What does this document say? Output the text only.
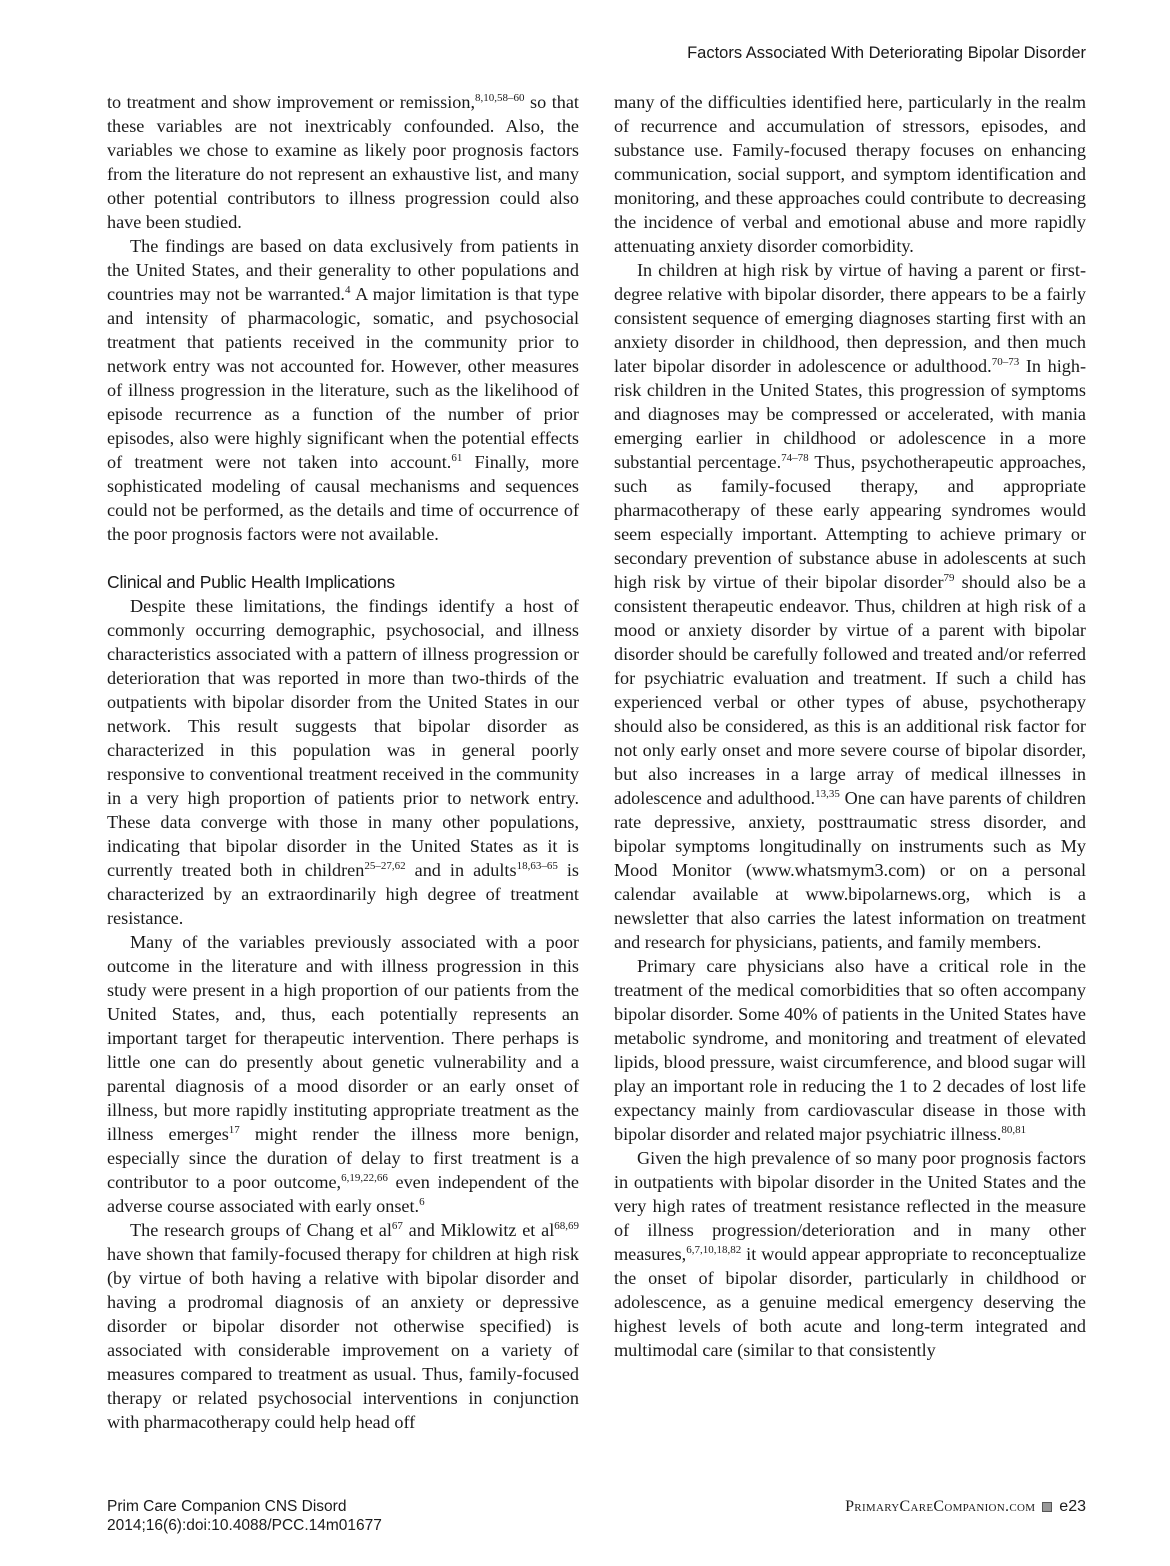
Factors Associated With Deteriorating Bipolar Disorder

to treatment and show improvement or remission,$^{8,10,58-60}$ so that these variables are not inextricably confounded. Also, the variables we chose to examine as likely poor prognosis factors from the literature do not represent an exhaustive list, and many other potential contributors to illness progression could also have been studied.

The findings are based on data exclusively from patients in the United States, and their generality to other populations and countries may not be warranted.$^4$ A major limitation is that type and intensity of pharmacologic, somatic, and psychosocial treatment that patients received in the community prior to network entry was not accounted for. However, other measures of illness progression in the literature, such as the likelihood of episode recurrence as a function of the number of prior episodes, also were highly significant when the potential effects of treatment were not taken into account.$^{61}$ Finally, more sophisticated modeling of causal mechanisms and sequences could not be performed, as the details and time of occurrence of the poor prognosis factors were not available.

Clinical and Public Health Implications

Despite these limitations, the findings identify a host of commonly occurring demographic, psychosocial, and illness characteristics associated with a pattern of illness progression or deterioration that was reported in more than two-thirds of the outpatients with bipolar disorder from the United States in our network. This result suggests that bipolar disorder as characterized in this population was in general poorly responsive to conventional treatment received in the community in a very high proportion of patients prior to network entry. These data converge with those in many other populations, indicating that bipolar disorder in the United States as it is currently treated both in children$^{25-27,62}$ and in adults$^{18,63-65}$ is characterized by an extraordinarily high degree of treatment resistance.

Many of the variables previously associated with a poor outcome in the literature and with illness progression in this study were present in a high proportion of our patients from the United States, and, thus, each potentially represents an important target for therapeutic intervention. There perhaps is little one can do presently about genetic vulnerability and a parental diagnosis of a mood disorder or an early onset of illness, but more rapidly instituting appropriate treatment as the illness emerges$^{17}$ might render the illness more benign, especially since the duration of delay to first treatment is a contributor to a poor outcome,$^{6,19,22,66}$ even independent of the adverse course associated with early onset.$^6$

The research groups of Chang et $al^{67}$ and Miklowitz et al$^{68,69}$ have shown that family-focused therapy for children at high risk (by virtue of both having a relative with bipolar disorder and having a prodromal diagnosis of an anxiety or depressive disorder or bipolar disorder not otherwise specified) is associated with considerable improvement on a variety of measures compared to treatment as usual. Thus, family-focused therapy or related psychosocial interventions in conjunction with pharmacotherapy could help head off

many of the difficulties identified here, particularly in the realm of recurrence and accumulation of stressors, episodes, and substance use. Family-focused therapy focuses on enhancing communication, social support, and symptom identification and monitoring, and these approaches could contribute to decreasing the incidence of verbal and emotional abuse and more rapidly attenuating anxiety disorder comorbidity.

In children at high risk by virtue of having a parent or first-degree relative with bipolar disorder, there appears to be a fairly consistent sequence of emerging diagnoses starting first with an anxiety disorder in childhood, then depression, and then much later bipolar disorder in adolescence or adulthood.$^{70-73}$ In high-risk children in the United States, this progression of symptoms and diagnoses may be compressed or accelerated, with mania emerging earlier in childhood or adolescence in a more substantial percentage.$^{74-78}$ Thus, psychotherapeutic approaches, such as family-focused therapy, and appropriate pharmacotherapy of these early appearing syndromes would seem especially important. Attempting to achieve primary or secondary prevention of substance abuse in adolescents at such high risk by virtue of their bipolar disorder$^{79}$ should also be a consistent therapeutic endeavor. Thus, children at high risk of a mood or anxiety disorder by virtue of a parent with bipolar disorder should be carefully followed and treated and/or referred for psychiatric evaluation and treatment. If such a child has experienced verbal or other types of abuse, psychotherapy should also be considered, as this is an additional risk factor for not only early onset and more severe course of bipolar disorder, but also increases in a large array of medical illnesses in adolescence and adulthood.$^{13,35}$ One can have parents of children rate depressive, anxiety, posttraumatic stress disorder, and bipolar symptoms longitudinally on instruments such as My Mood Monitor (www.whatsmym3.com) or on a personal calendar available at www.bipolarnews.org, which is a newsletter that also carries the latest information on treatment and research for physicians, patients, and family members.

Primary care physicians also have a critical role in the treatment of the medical comorbidities that so often accompany bipolar disorder. Some 40% of patients in the United States have metabolic syndrome, and monitoring and treatment of elevated lipids, blood pressure, waist circumference, and blood sugar will play an important role in reducing the 1 to 2 decades of lost life expectancy mainly from cardiovascular disease in those with bipolar disorder and related major psychiatric illness.$^{80,81}$

Given the high prevalence of so many poor prognosis factors in outpatients with bipolar disorder in the United States and the very high rates of treatment resistance reflected in the measure of illness progression/deterioration and in many other measures,$^{6,7,10,18,82}$ it would appear appropriate to reconceptualize the onset of bipolar disorder, particularly in childhood or adolescence, as a genuine medical emergency deserving the highest levels of both acute and long-term integrated and multimodal care (similar to that consistently

Prim Care Companion CNS Disord
2014;16(6):doi:10.4088/PCC.14m01677
PrimaryCareCompanion.com e23
